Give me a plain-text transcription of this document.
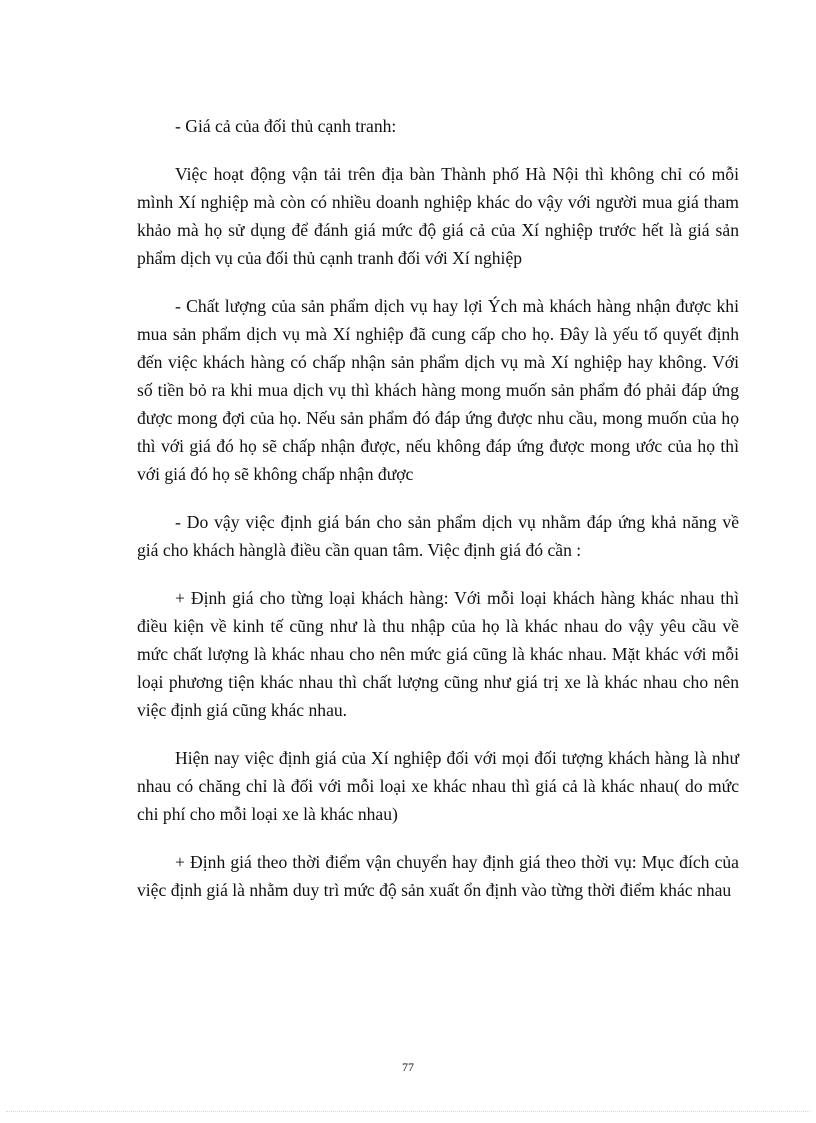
- Giá cả của đối thủ cạnh tranh:

Việc hoạt động vận tải trên địa bàn Thành phố Hà Nội thì không chỉ có mỗi mình Xí nghiệp mà còn có nhiều doanh nghiệp khác do vậy với người mua giá tham khảo mà họ sử dụng để đánh giá mức độ giá cả của Xí nghiệp trước hết là giá sản phẩm dịch vụ của đối thủ cạnh tranh đối với Xí nghiệp

- Chất lượng của sản phẩm dịch vụ hay lợi Ých mà khách hàng nhận được khi mua sản phẩm dịch vụ mà Xí nghiệp đã cung cấp cho họ. Đây là yếu tố quyết định đến việc khách hàng có chấp nhận sản phẩm dịch vụ mà Xí nghiệp hay không. Với số tiền bỏ ra khi mua dịch vụ thì khách hàng mong muốn sản phẩm đó phải đáp ứng được mong đợi của họ. Nếu sản phẩm đó đáp ứng được nhu cầu, mong muốn của họ thì với giá đó họ sẽ chấp nhận được, nếu không đáp ứng được mong ước của họ thì với giá đó họ sẽ không chấp nhận được

- Do vậy việc định giá bán cho sản phẩm dịch vụ nhằm đáp ứng khả năng về giá cho khách hànglà điều cần quan tâm. Việc định giá đó cần :

+ Định giá cho từng loại khách hàng: Với mỗi loại khách hàng khác nhau thì điều kiện về kinh tế cũng như là thu nhập của họ là khác nhau do vậy yêu cầu về mức chất lượng là khác nhau cho nên mức giá cũng là khác nhau. Mặt khác với mỗi loại phương tiện khác nhau thì chất lượng cũng như giá trị xe là khác nhau cho nên việc định giá cũng khác nhau.

Hiện nay việc định giá của Xí nghiệp đối với mọi đối tượng khách hàng là như nhau có chăng chỉ là đối với mỗi loại xe khác nhau thì giá cả là khác nhau( do mức chi phí cho mỗi loại xe là khác nhau)

+ Định giá theo thời điểm vận chuyển hay định giá theo thời vụ: Mục đích của việc định giá là nhằm duy trì mức độ sản xuất ổn định vào từng thời điểm khác nhau

77
